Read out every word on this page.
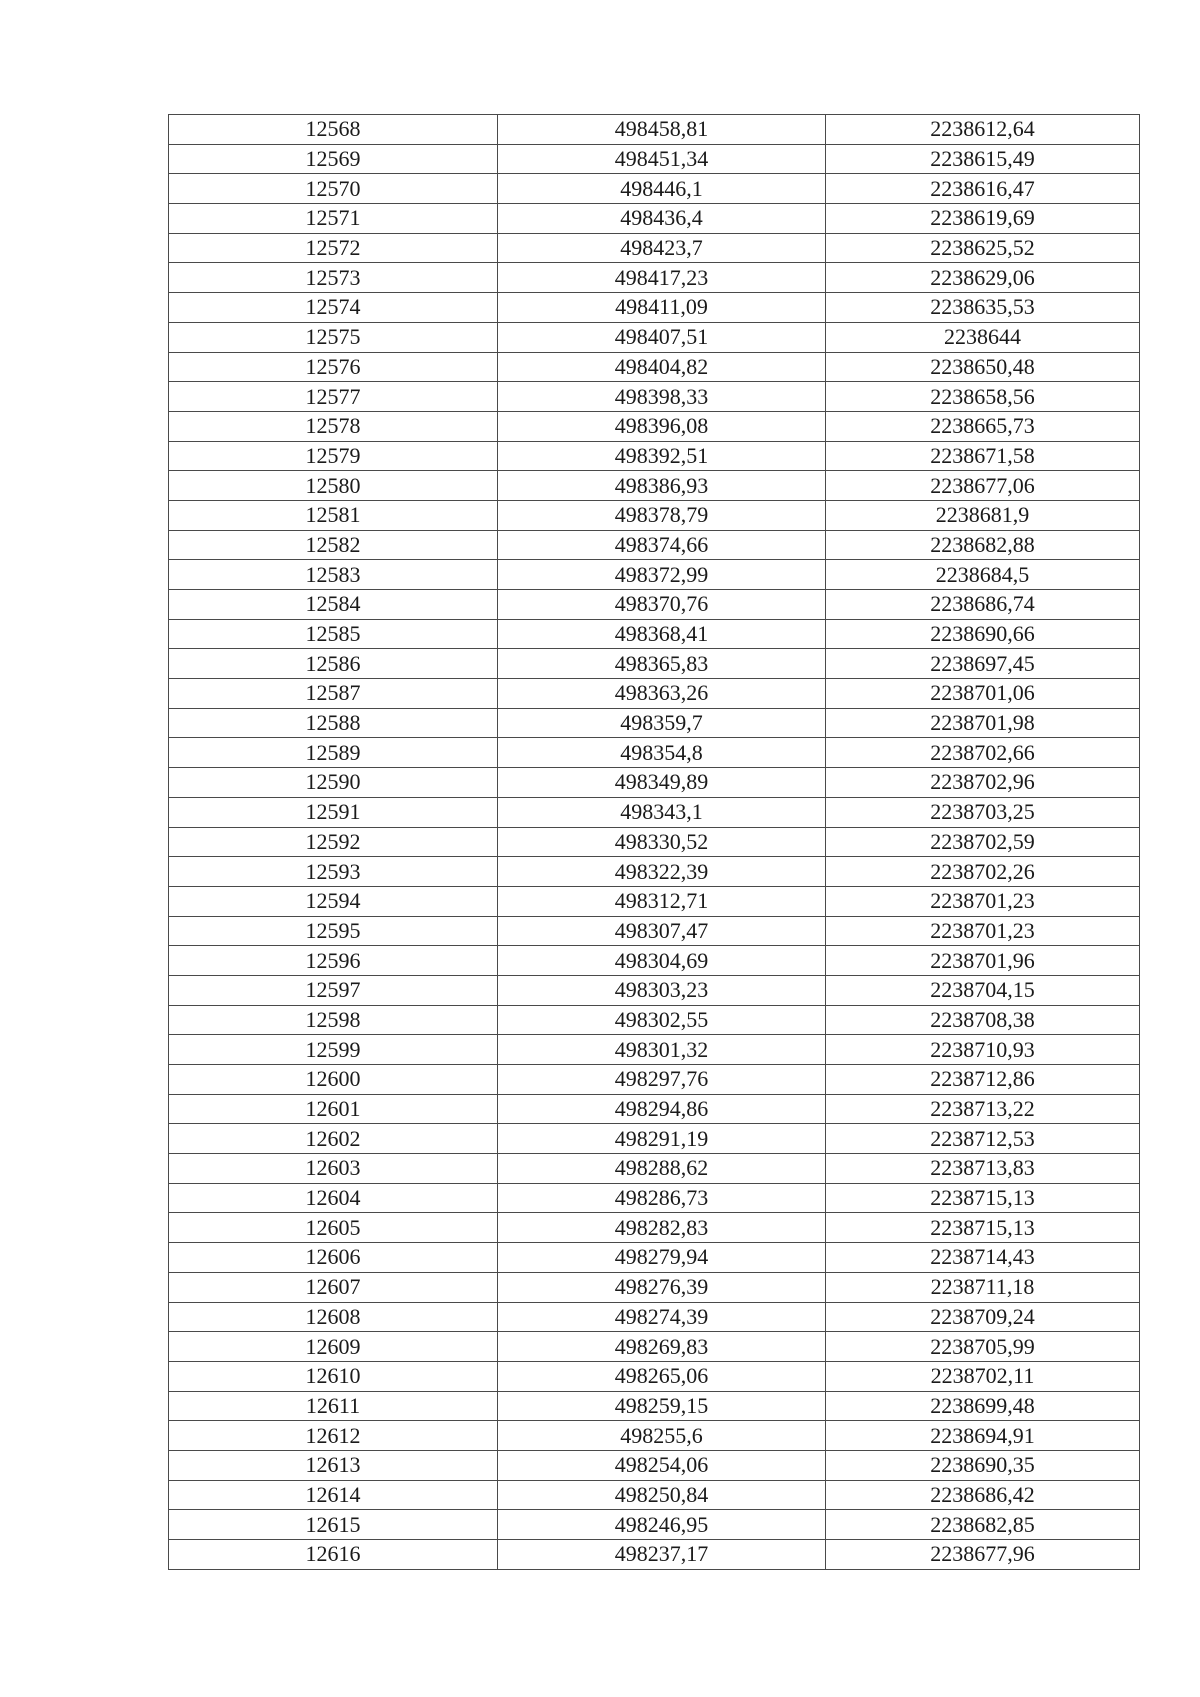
12568	498458,81	2238612,64
12569	498451,34	2238615,49
12570	498446,1	2238616,47
12571	498436,4	2238619,69
12572	498423,7	2238625,52
12573	498417,23	2238629,06
12574	498411,09	2238635,53
12575	498407,51	2238644
12576	498404,82	2238650,48
12577	498398,33	2238658,56
12578	498396,08	2238665,73
12579	498392,51	2238671,58
12580	498386,93	2238677,06
12581	498378,79	2238681,9
12582	498374,66	2238682,88
12583	498372,99	2238684,5
12584	498370,76	2238686,74
12585	498368,41	2238690,66
12586	498365,83	2238697,45
12587	498363,26	2238701,06
12588	498359,7	2238701,98
12589	498354,8	2238702,66
12590	498349,89	2238702,96
12591	498343,1	2238703,25
12592	498330,52	2238702,59
12593	498322,39	2238702,26
12594	498312,71	2238701,23
12595	498307,47	2238701,23
12596	498304,69	2238701,96
12597	498303,23	2238704,15
12598	498302,55	2238708,38
12599	498301,32	2238710,93
12600	498297,76	2238712,86
12601	498294,86	2238713,22
12602	498291,19	2238712,53
12603	498288,62	2238713,83
12604	498286,73	2238715,13
12605	498282,83	2238715,13
12606	498279,94	2238714,43
12607	498276,39	2238711,18
12608	498274,39	2238709,24
12609	498269,83	2238705,99
12610	498265,06	2238702,11
12611	498259,15	2238699,48
12612	498255,6	2238694,91
12613	498254,06	2238690,35
12614	498250,84	2238686,42
12615	498246,95	2238682,85
12616	498237,17	2238677,96
